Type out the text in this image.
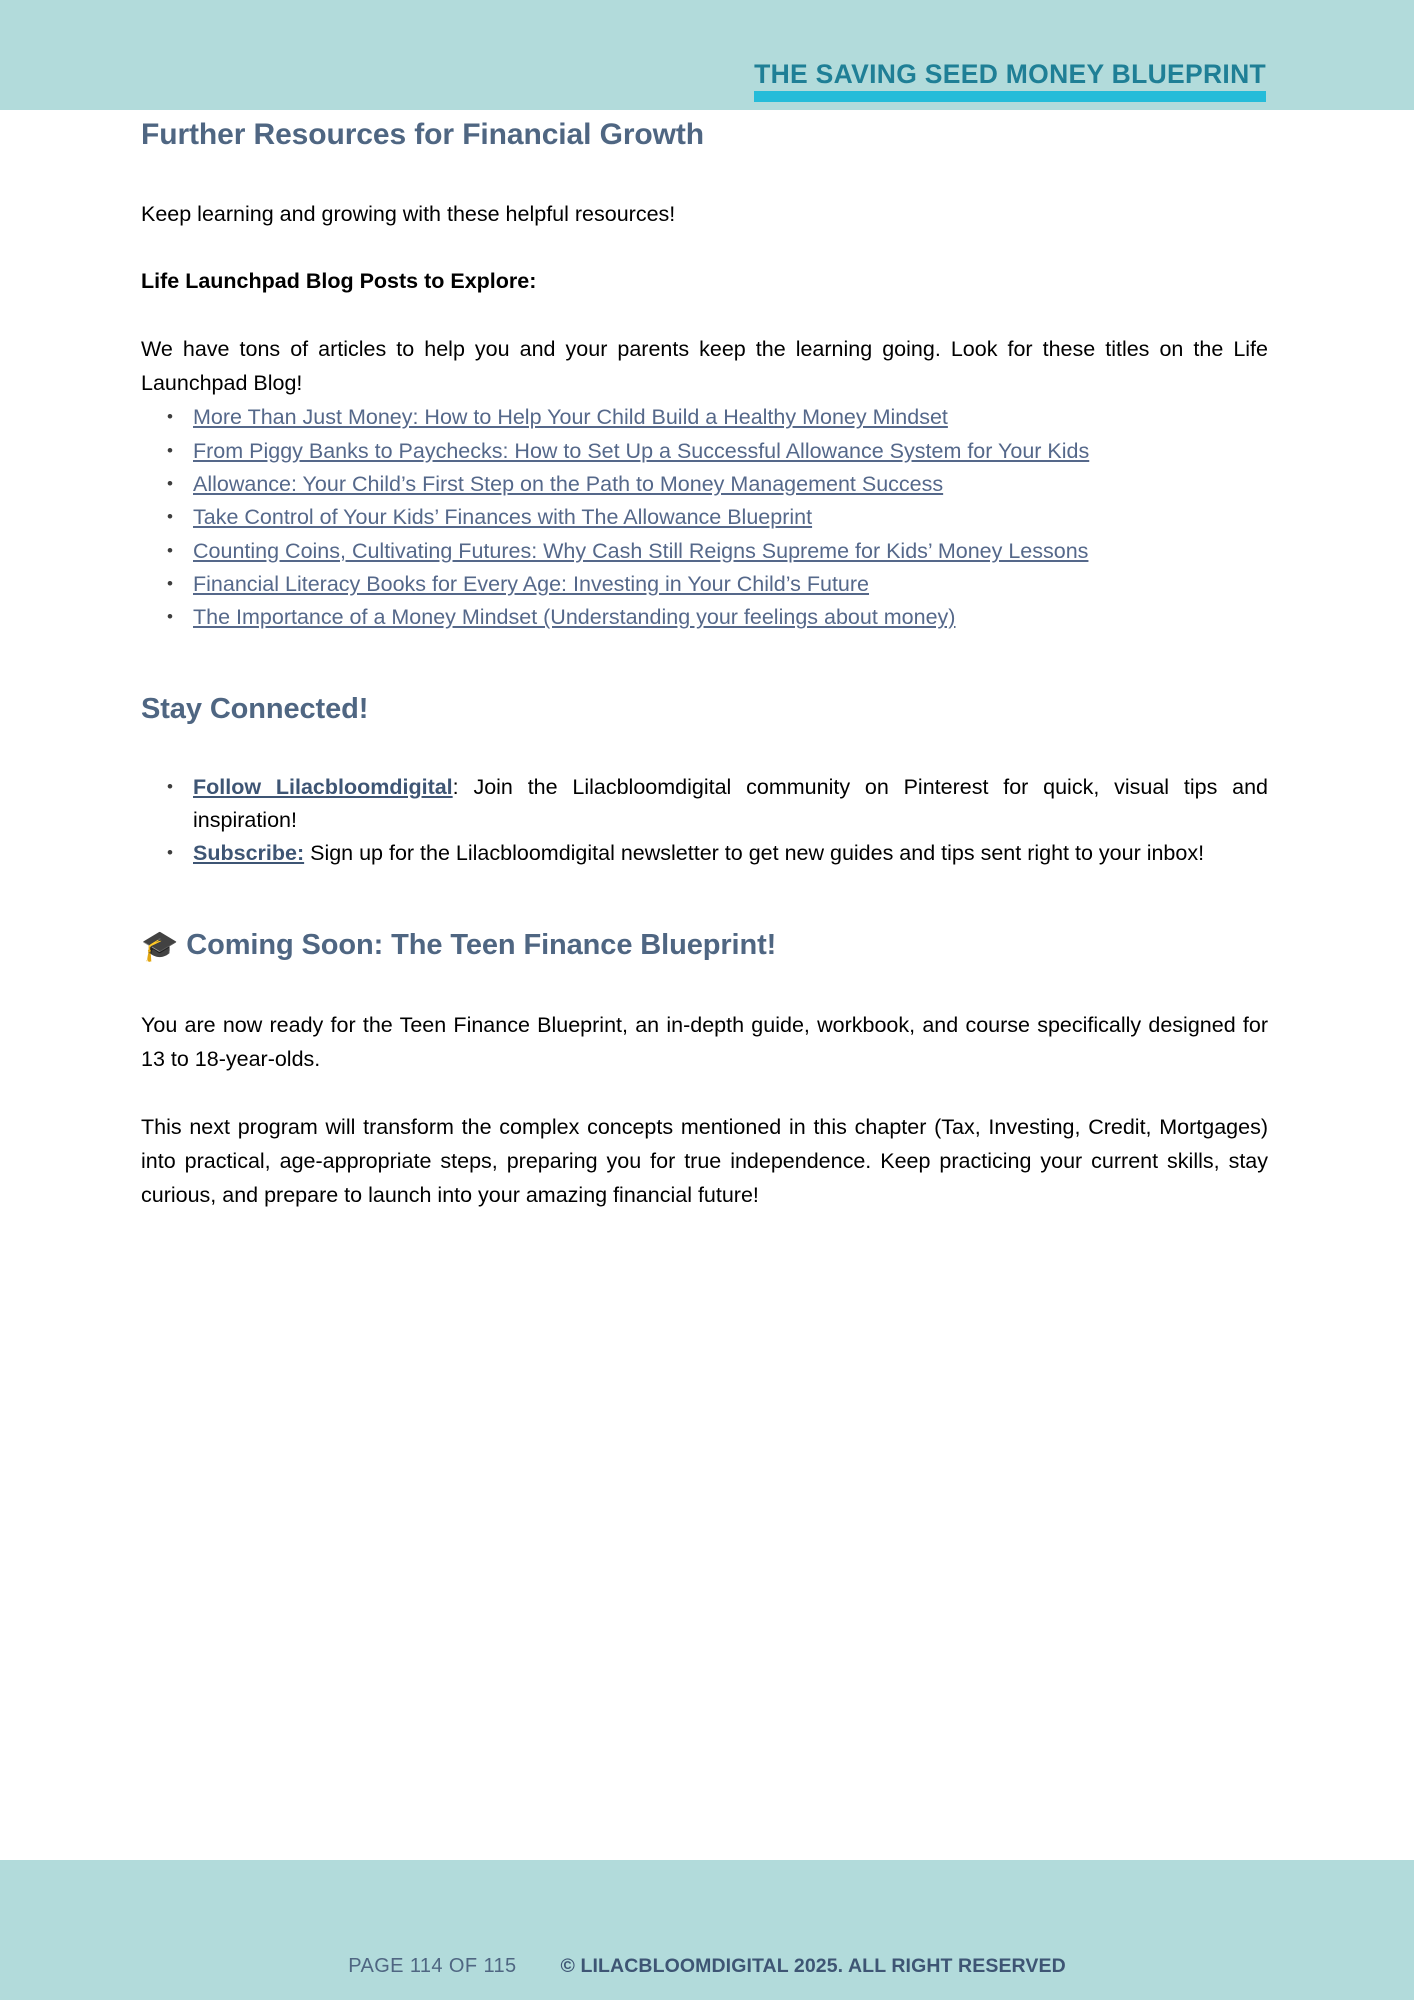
THE SAVING SEED MONEY BLUEPRINT
Further Resources for Financial Growth

Keep learning and growing with these helpful resources!

Life Launchpad Blog Posts to Explore:

We have tons of articles to help you and your parents keep the learning going. Look for these titles on the Life Launchpad Blog!

• More Than Just Money: How to Help Your Child Build a Healthy Money Mindset
• From Piggy Banks to Paychecks: How to Set Up a Successful Allowance System for Your Kids
• Allowance: Your Child’s First Step on the Path to Money Management Success
• Take Control of Your Kids’ Finances with The Allowance Blueprint
• Counting Coins, Cultivating Futures: Why Cash Still Reigns Supreme for Kids’ Money Lessons
• Financial Literacy Books for Every Age: Investing in Your Child’s Future
• The Importance of a Money Mindset (Understanding your feelings about money)
Stay Connected!
• Follow Lilacbloomdigital: Join the Lilacbloomdigital community on Pinterest for quick, visual tips and inspiration!
• Subscribe: Sign up for the Lilacbloomdigital newsletter to get new guides and tips sent right to your inbox!
🎓 Coming Soon: The Teen Finance Blueprint!

You are now ready for the Teen Finance Blueprint, an in-depth guide, workbook, and course specifically designed for 13 to 18-year-olds.

This next program will transform the complex concepts mentioned in this chapter (Tax, Investing, Credit, Mortgages) into practical, age-appropriate steps, preparing you for true independence. Keep practicing your current skills, stay curious, and prepare to launch into your amazing financial future!

PAGE 114 OF 115 © LILACBLOOMDIGITAL 2025. ALL RIGHT RESERVED
